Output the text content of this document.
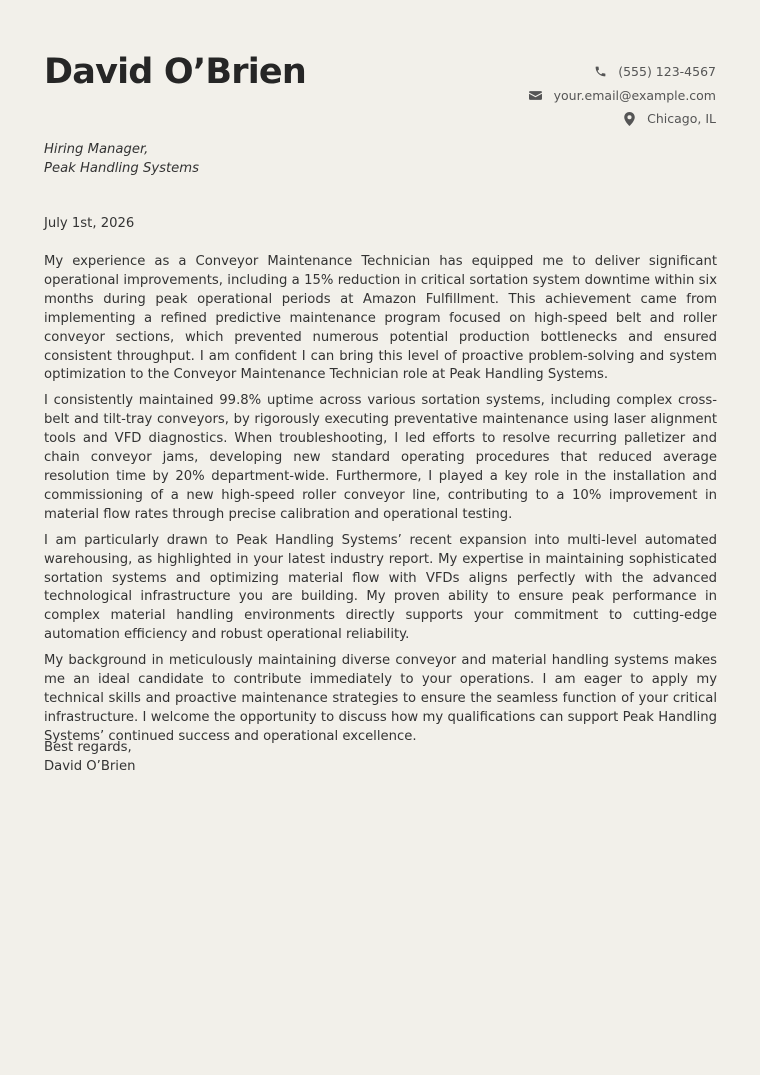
David O’Brien	(555) 123-4567
your.email@example.com
Chicago, IL
Hiring Manager,
Peak Handling Systems
July 1st, 2026

My experience as a Conveyor Maintenance Technician has equipped me to deliver significant operational improvements, including a 15% reduction in critical sortation system downtime within six months during peak operational periods at Amazon Fulfillment. This achievement came from implementing a refined predictive maintenance program focused on high-speed belt and roller conveyor sections, which prevented numerous potential production bottlenecks and ensured consistent throughput. I am confident I can bring this level of proactive problem-solving and system optimization to the Conveyor Maintenance Technician role at Peak Handling Systems.

I consistently maintained 99.8% uptime across various sortation systems, including complex cross-belt and tilt-tray conveyors, by rigorously executing preventative maintenance using laser alignment tools and VFD diagnostics. When troubleshooting, I led efforts to resolve recurring palletizer and chain conveyor jams, developing new standard operating procedures that reduced average resolution time by 20% department-wide. Furthermore, I played a key role in the installation and commissioning of a new high-speed roller conveyor line, contributing to a 10% improvement in material flow rates through precise calibration and operational testing.

I am particularly drawn to Peak Handling Systems’ recent expansion into multi-level automated warehousing, as highlighted in your latest industry report. My expertise in maintaining sophisticated sortation systems and optimizing material flow with VFDs aligns perfectly with the advanced technological infrastructure you are building. My proven ability to ensure peak performance in complex material handling environments directly supports your commitment to cutting-edge automation efficiency and robust operational reliability.

My background in meticulously maintaining diverse conveyor and material handling systems makes me an ideal candidate to contribute immediately to your operations. I am eager to apply my technical skills and proactive maintenance strategies to ensure the seamless function of your critical infrastructure. I welcome the opportunity to discuss how my qualifications can support Peak Handling Systems’ continued success and operational excellence.

Best regards,
David O’Brien
